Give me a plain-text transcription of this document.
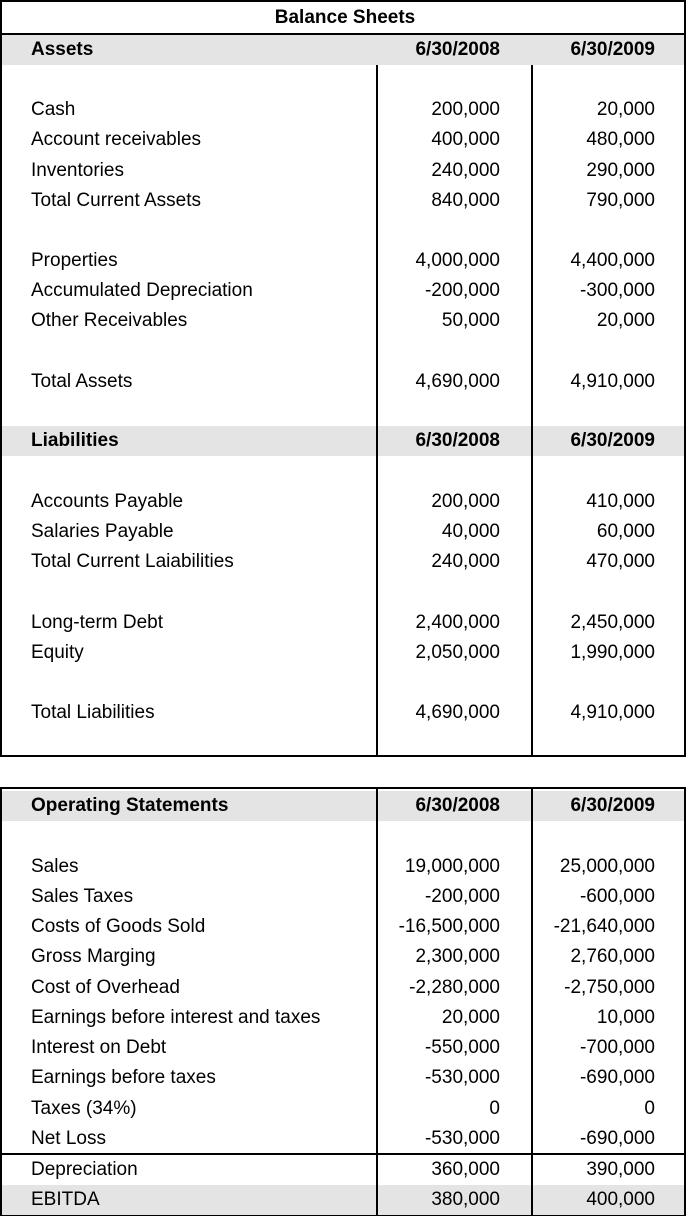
Balance Sheets
Assets	6/30/2008	6/30/2009
Cash	200,000	20,000
Account receivables	400,000	480,000
Inventories	240,000	290,000
Total Current Assets	840,000	790,000
Properties	4,000,000	4,400,000
Accumulated Depreciation	-200,000	-300,000
Other Receivables	50,000	20,000
Total Assets	4,690,000	4,910,000
Liabilities	6/30/2008	6/30/2009
Accounts Payable	200,000	410,000
Salaries Payable	40,000	60,000
Total Current Laiabilities	240,000	470,000
Long-term Debt	2,400,000	2,450,000
Equity	2,050,000	1,990,000
Total Liabilities	4,690,000	4,910,000
Operating Statements	6/30/2008	6/30/2009
Sales	19,000,000	25,000,000
Sales Taxes	-200,000	-600,000
Costs of Goods Sold	-16,500,000	-21,640,000
Gross Marging	2,300,000	2,760,000
Cost of Overhead	-2,280,000	-2,750,000
Earnings before interest and taxes	20,000	10,000
Interest on Debt	-550,000	-700,000
Earnings before taxes	-530,000	-690,000
Taxes (34%)	0	0
Net Loss	-530,000	-690,000
Depreciation	360,000	390,000
EBITDA	380,000	400,000
